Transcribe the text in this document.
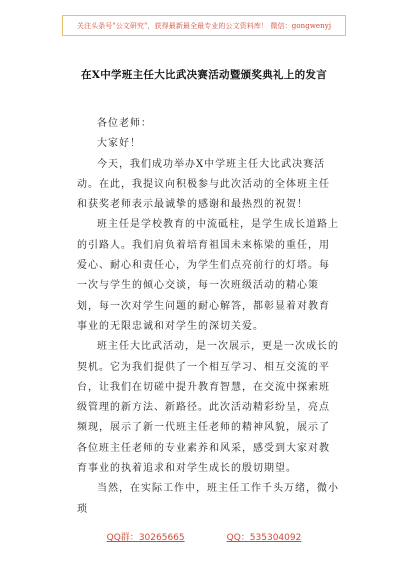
关注头条号"公文研究"，获得最新最全最专业的公文资料库！ 微信：gongwenyj
在X中学班主任大比武决赛活动暨颁奖典礼上的发言

各位老师：

大家好！

今天，我们成功举办X中学班主任大比武决赛活动。在此，我提议向积极参与此次活动的全体班主任和获奖老师表示最诚挚的感谢和最热烈的祝贺！

班主任是学校教育的中流砥柱，是学生成长道路上的引路人。我们肩负着培育祖国未来栋梁的重任，用爱心、耐心和责任心，为学生们点亮前行的灯塔。每一次与学生的倾心交谈，每一次班级活动的精心策划，每一次对学生问题的耐心解答，都彰显着对教育事业的无限忠诚和对学生的深切关爱。

班主任大比武活动，是一次展示，更是一次成长的契机。它为我们提供了一个相互学习、相互交流的平台，让我们在切磋中提升教育智慧，在交流中探索班级管理的新方法、新路径。此次活动精彩纷呈，亮点频现，展示了新一代班主任老师的精神风貌，展示了各位班主任老师的专业素养和风采，感受到大家对教育事业的执着追求和对学生成长的殷切期望。

当然，在实际工作中，班主任工作千头万绪，微小琐

QQ群：30265665	QQ：535304092
